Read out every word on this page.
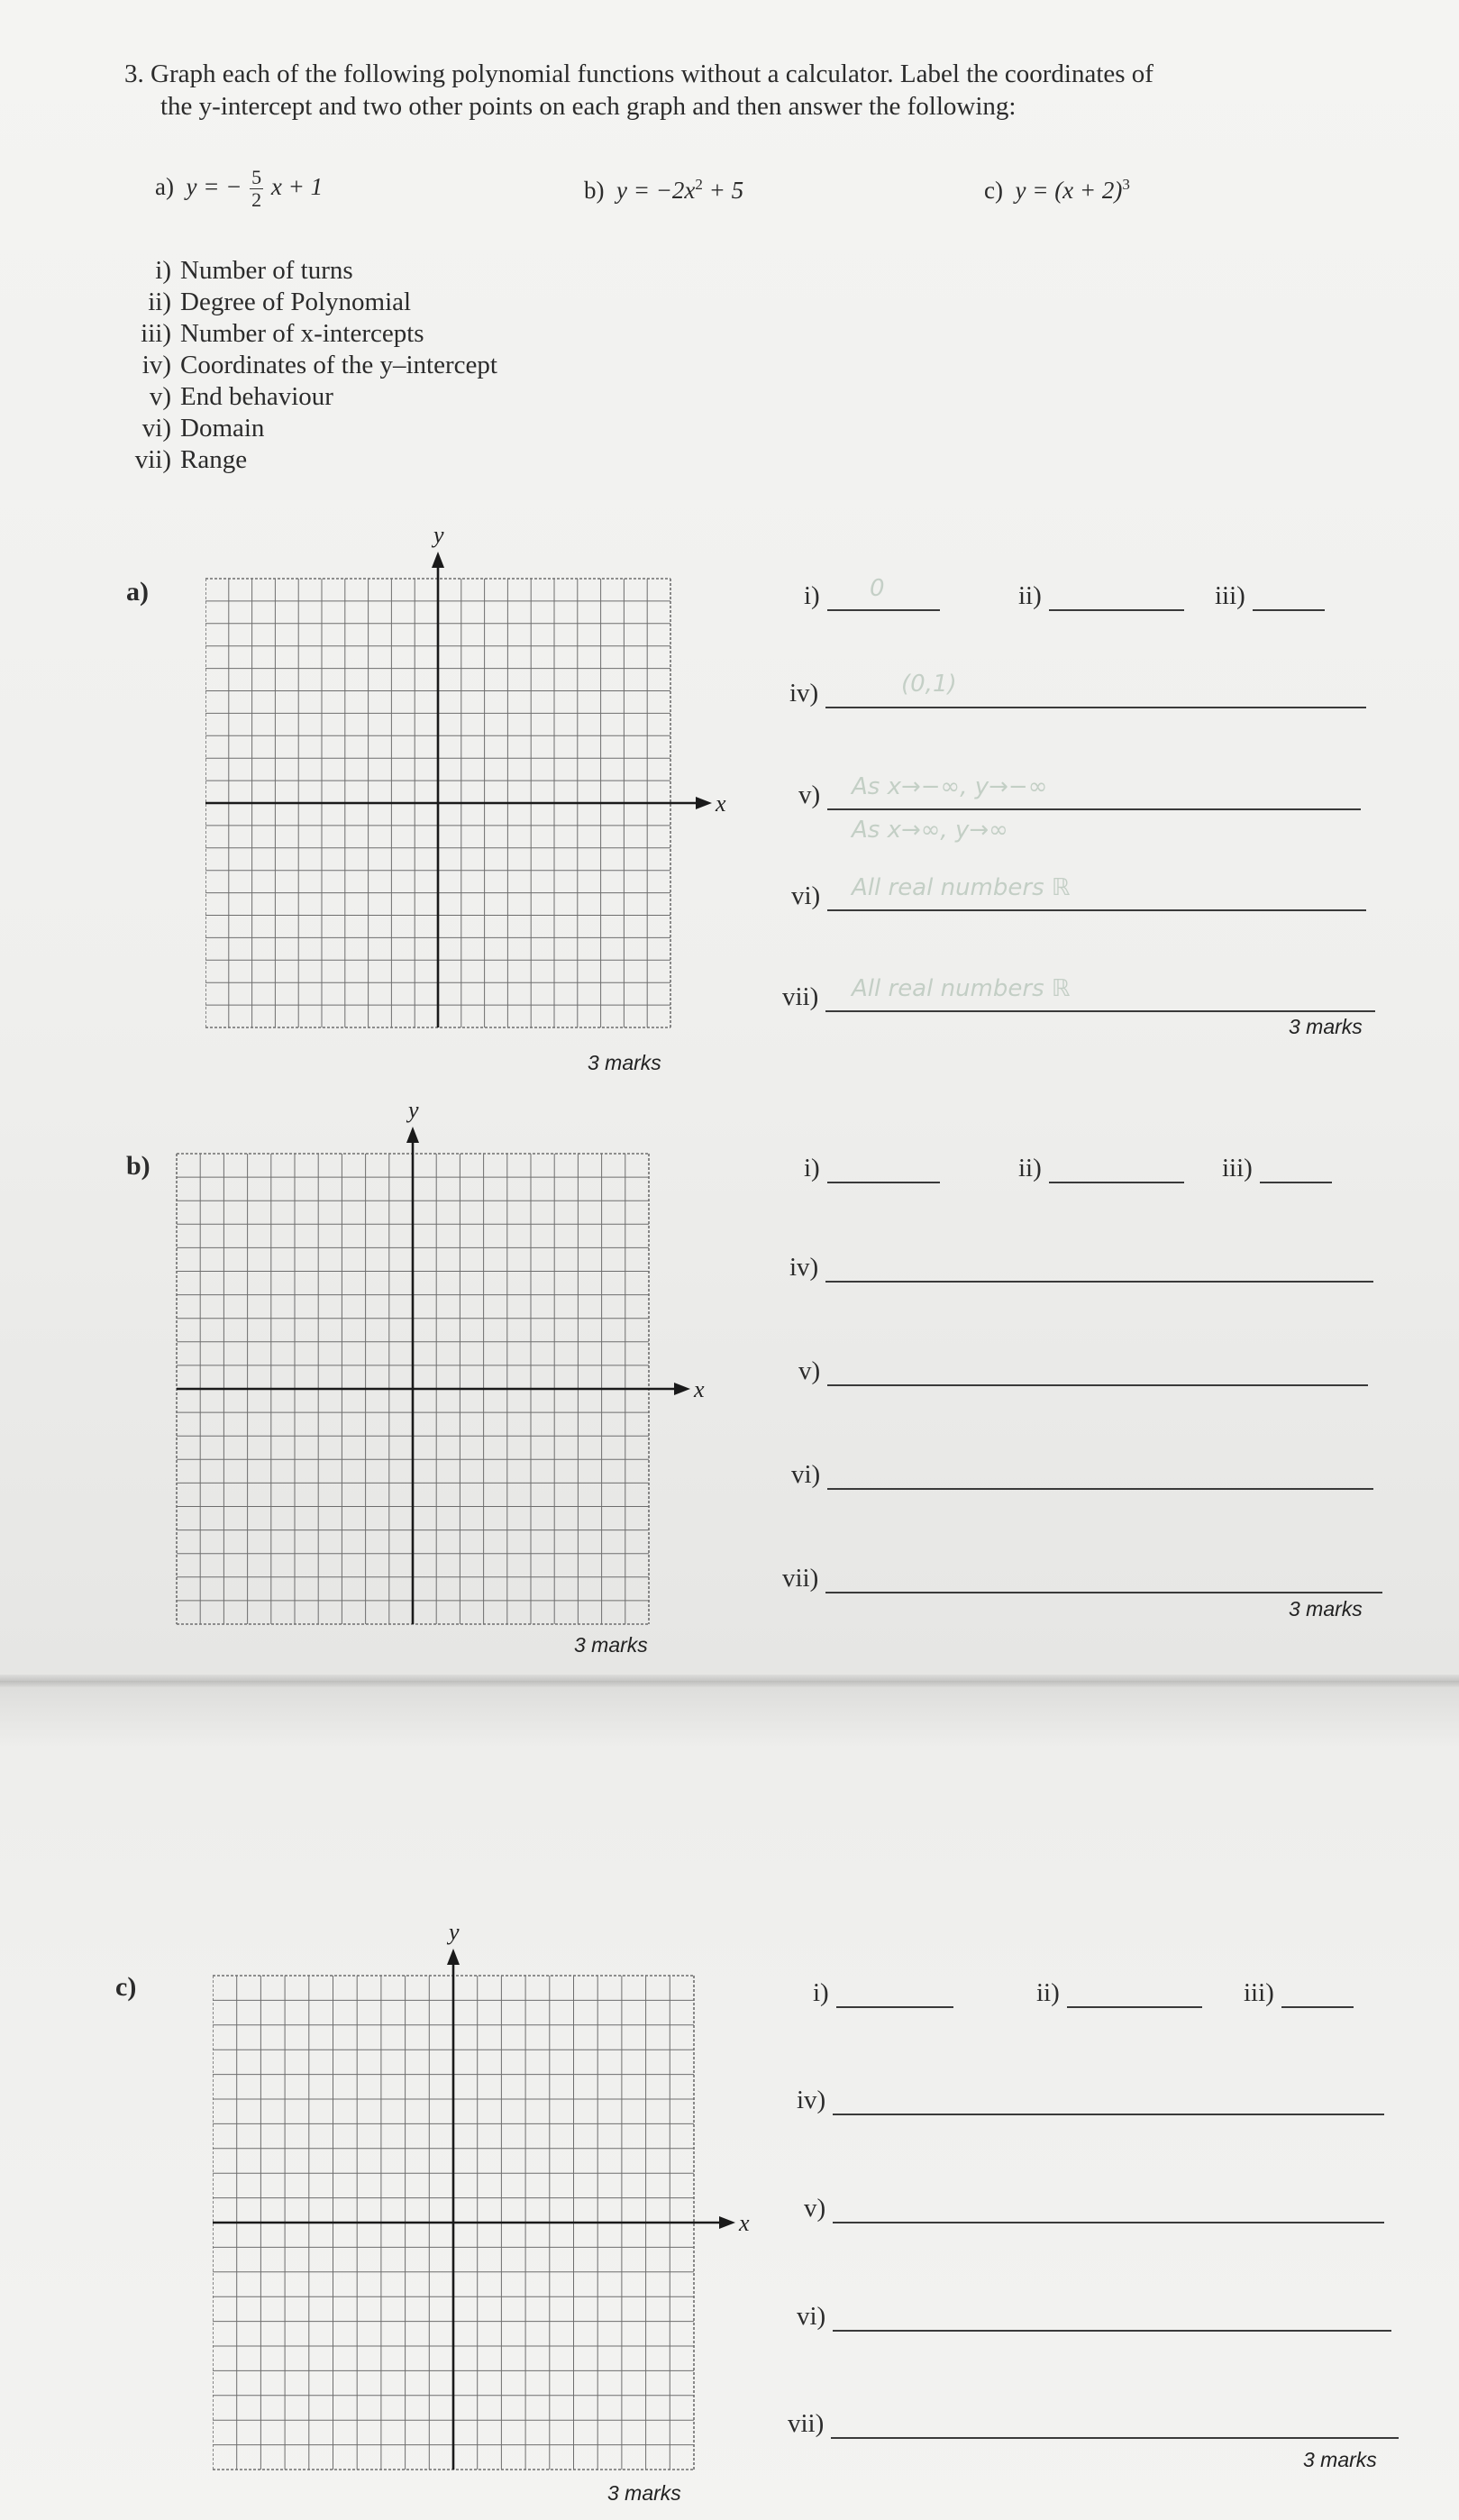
3. Graph each of the following polynomial functions without a calculator. Label the coordinates of
the y-intercept and two other points on each graph and then answer the following:
a) y = − $\frac{5}{2}$ x + 1	b) $y = -2x^2 + 5$	c) $y = (x + 2)^3$
i) Number of turns
ii) Degree of Polynomial
iii) Number of x-intercepts
iv) Coordinates of the y–intercept
v) End behaviour
vi) Domain
vii) Range
a)
y
x
3 marks
i)	0	ii)	iii)
iv)	(0,1)
v)	As x→−∞, y→−∞
As x→∞, y→∞
vi)	All real numbers ℝ
vii)	All real numbers ℝ
3 marks
b)
y
x
3 marks
i)	ii)	iii)
iv)
v)
vi)
vii)
3 marks
c)
y
x
3 marks
i)	ii)	iii)
iv)
v)
vi)
vii)
3 marks
